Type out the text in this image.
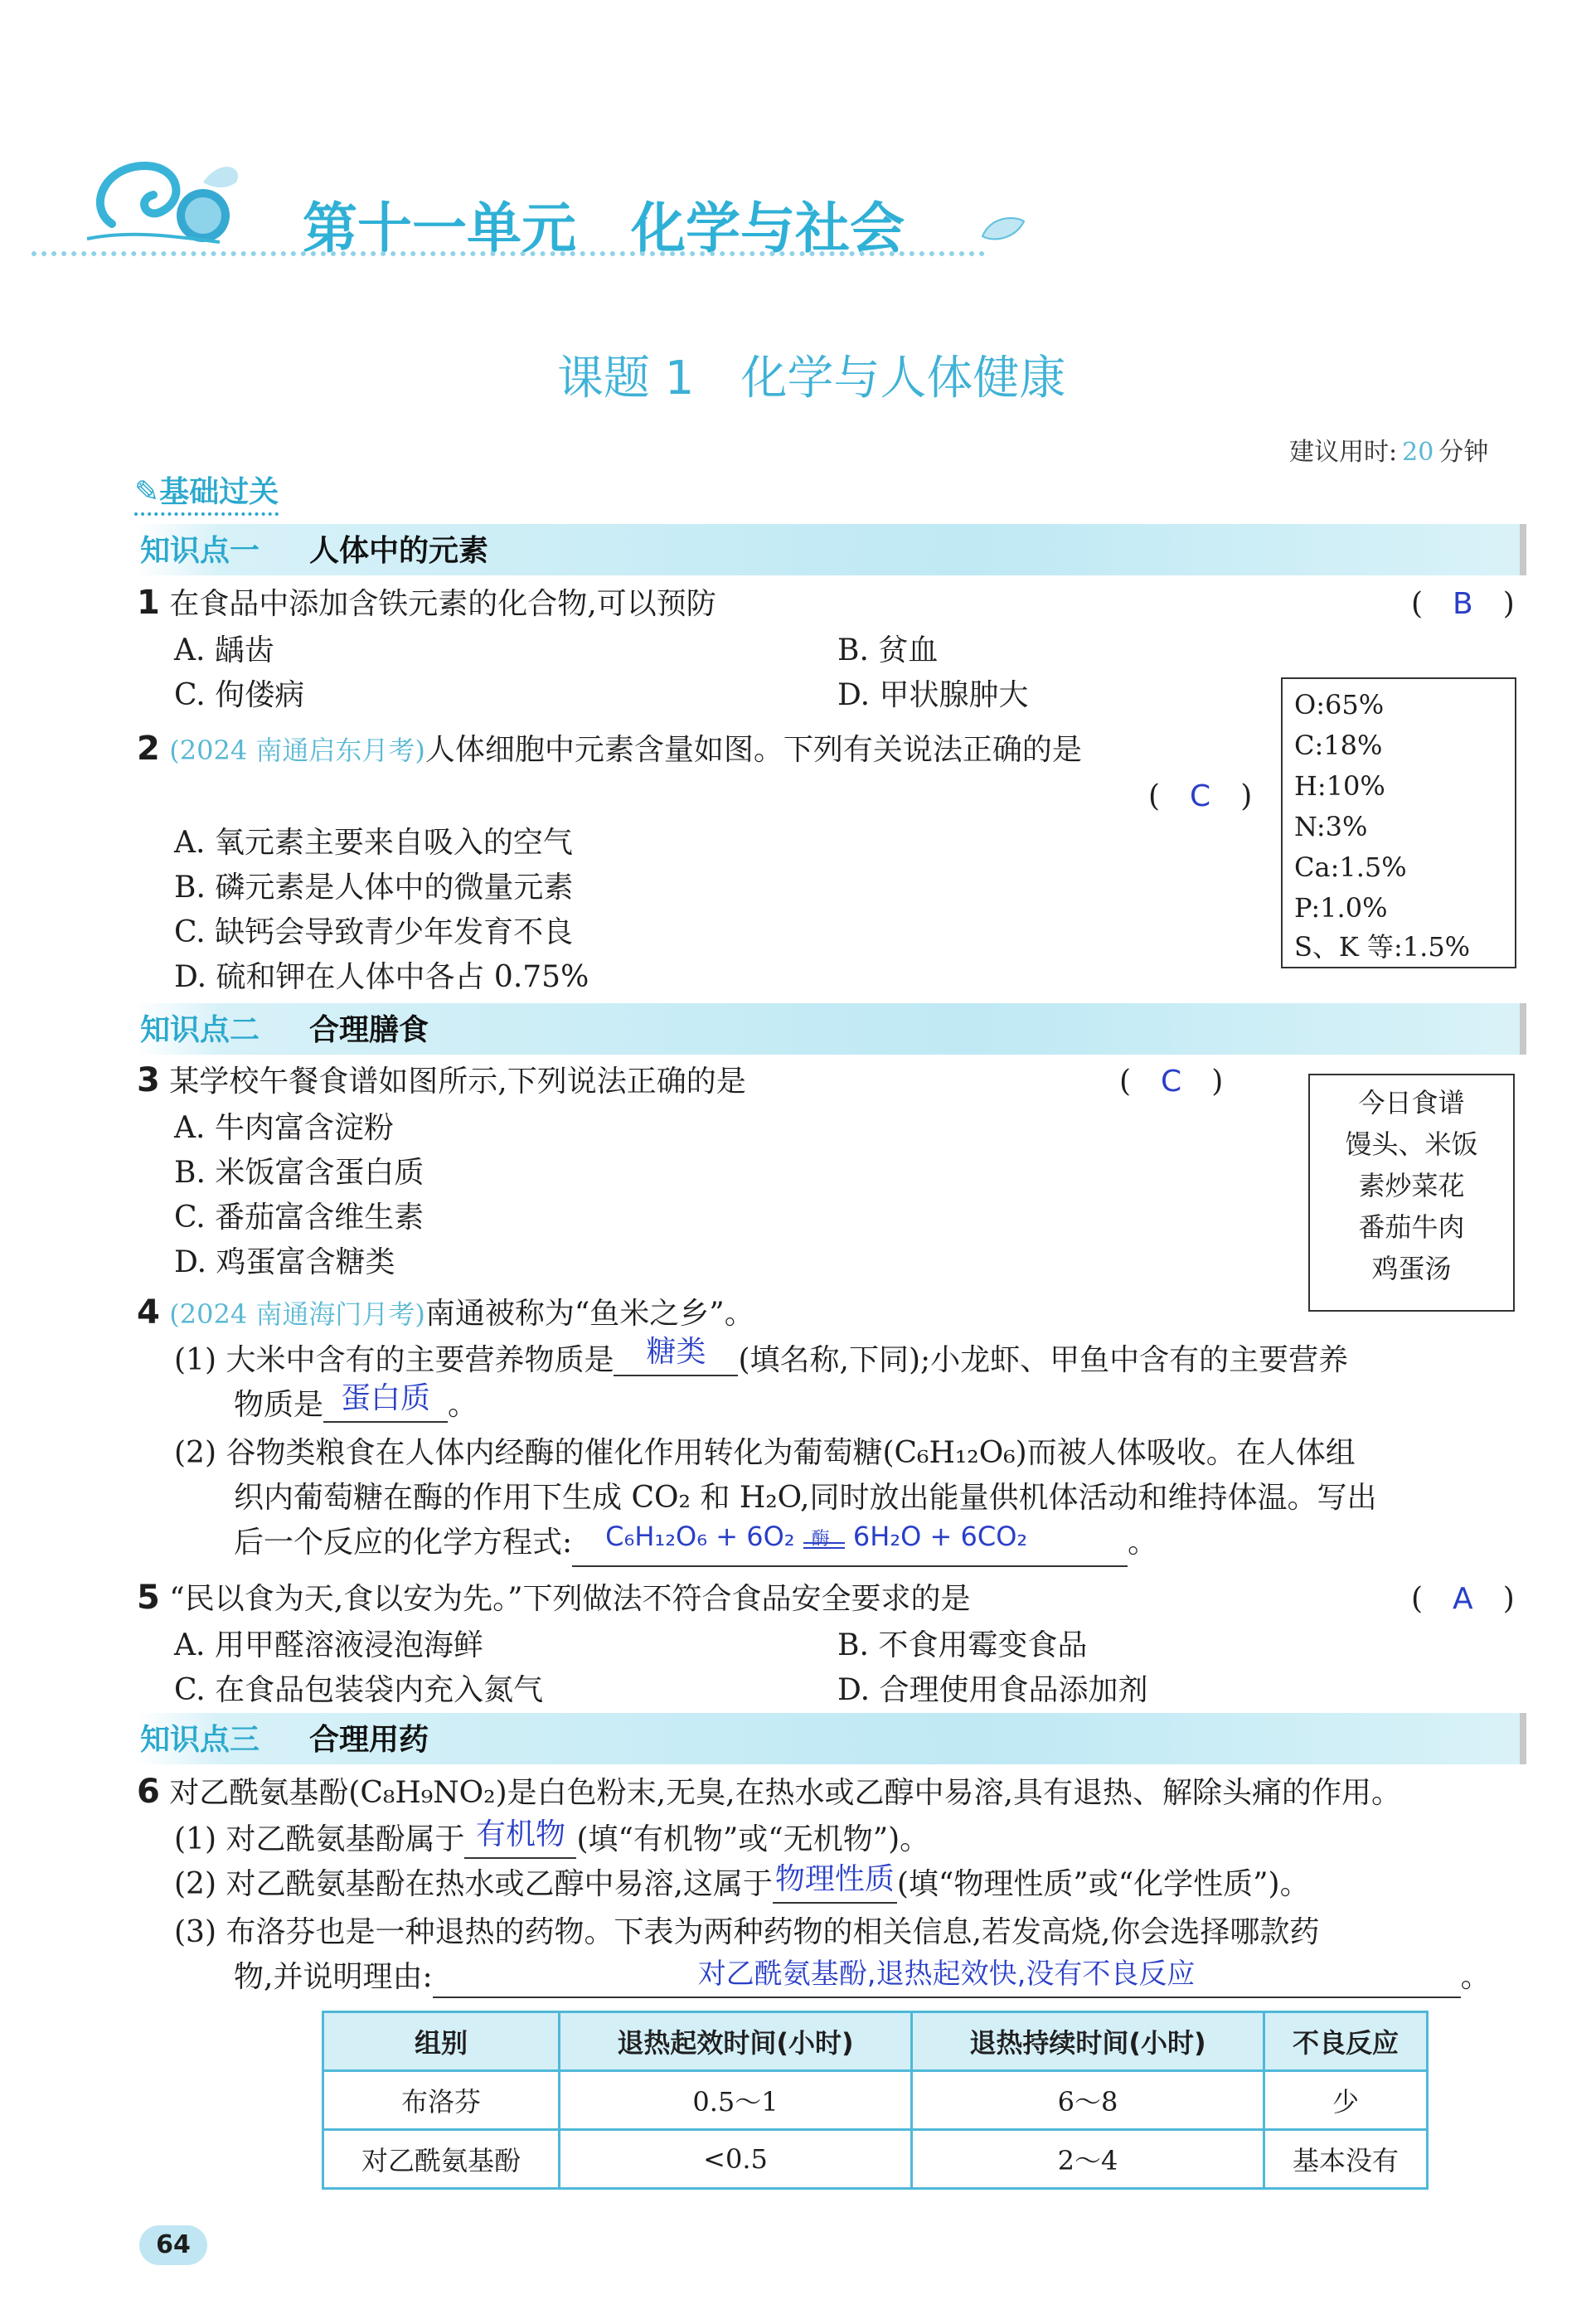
第十一单元　化学与社会
课题 1　化学与人体健康
建议用时: 20 分钟
✎基础过关
知识点一 人体中的元素
1 在食品中添加含铁元素的化合物,可以预防	(　B　)
A. 龋齿	B. 贫血
C. 佝偻病	D. 甲状腺肿大	O:65%
C:18%
H:10%
N:3%
Ca:1.5%
P:1.0%
S、K 等:1.5%
2 (2024 南通启东月考)人体细胞中元素含量如图。下列有关说法正确的是
(　C　)
A. 氧元素主要来自吸入的空气
B. 磷元素是人体中的微量元素
C. 缺钙会导致青少年发育不良
D. 硫和钾在人体中各占 0.75%
知识点二 合理膳食
3 某学校午餐食谱如图所示,下列说法正确的是	(　C　)
A. 牛肉富含淀粉
B. 米饭富含蛋白质
C. 番茄富含维生素
D. 鸡蛋富含糖类
今日食谱
馒头、米饭
素炒菜花
番茄牛肉
鸡蛋汤
4 (2024 南通海门月考)南通被称为“鱼米之乡”。
(1) 大米中含有的主要营养物质是 糖类 (填名称,下同);小龙虾、甲鱼中含有的主要营养
物质是 蛋白质 。
(2) 谷物类粮食在人体内经酶的催化作用转化为葡萄糖(C₆H₁₂O₆)而被人体吸收。在人体组
织内葡萄糖在酶的作用下生成 CO₂ 和 H₂O,同时放出能量供机体活动和维持体温。写出
后一个反应的化学方程式: C₆H₁₂O₆ + 6O₂ 酶 6H₂O + 6CO₂	。
5 “民以食为天,食以安为先。”下列做法不符合食品安全要求的是	(　A　)
A. 用甲醛溶液浸泡海鲜	B. 不食用霉变食品
C. 在食品包装袋内充入氮气	D. 合理使用食品添加剂
知识点三 合理用药
6 对乙酰氨基酚(C₈H₉NO₂)是白色粉末,无臭,在热水或乙醇中易溶,具有退热、解除头痛的作用。
(1) 对乙酰氨基酚属于 有机物 (填“有机物”或“无机物”)。
(2) 对乙酰氨基酚在热水或乙醇中易溶,这属于物理性质(填“物理性质”或“化学性质”)。
(3) 布洛芬也是一种退热的药物。下表为两种药物的相关信息,若发高烧,你会选择哪款药
物,并说明理由:	对乙酰氨基酚,退热起效快,没有不良反应	。
组别	退热起效时间(小时)	退热持续时间(小时)	不良反应
布洛芬	0.5～1	6～8	少
对乙酰氨基酚	<0.5	2～4	基本没有
64
